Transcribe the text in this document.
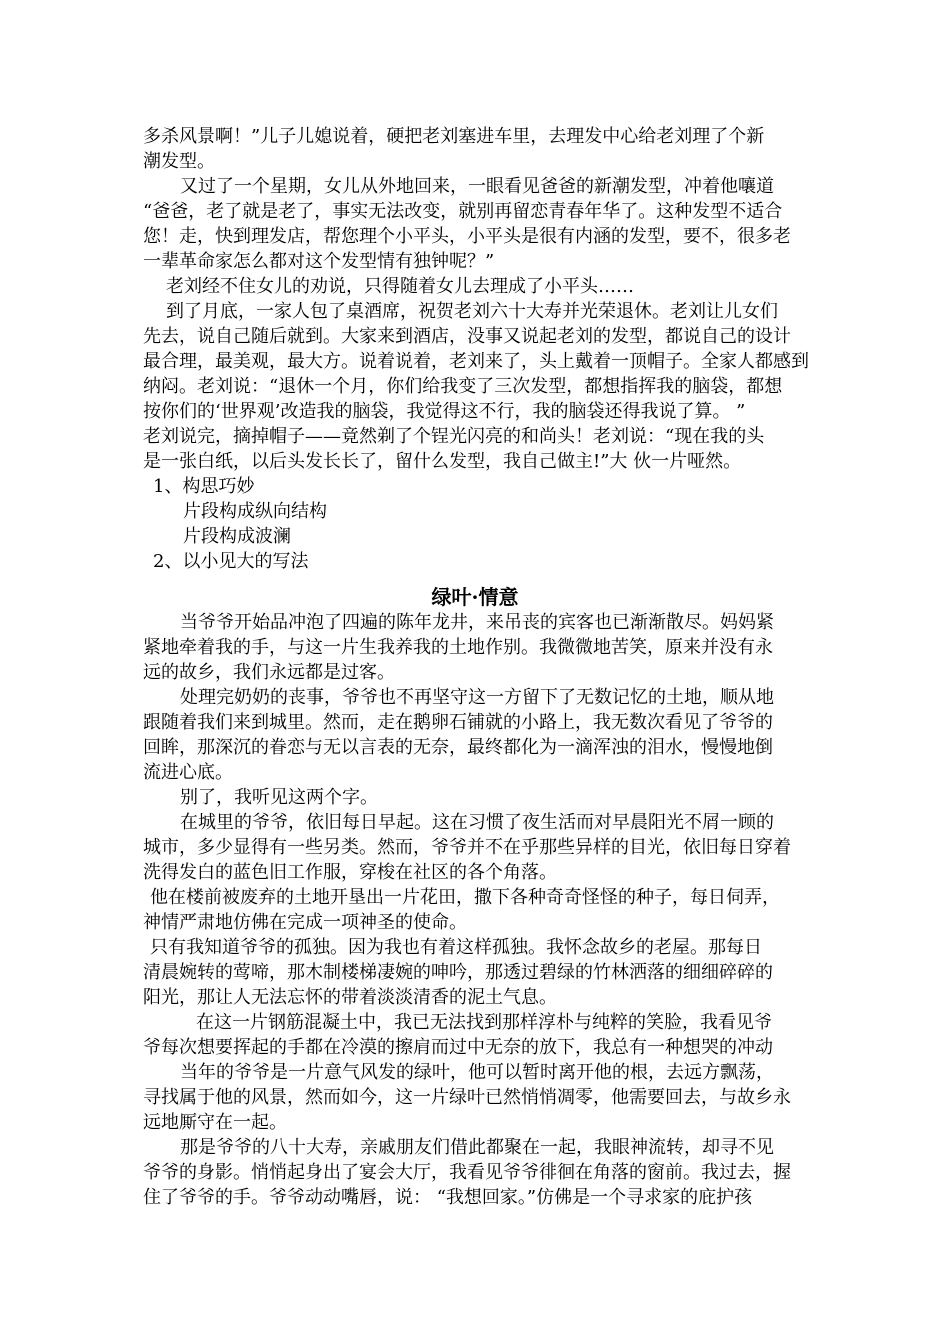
多杀风景啊！”儿子儿媳说着，硬把老刘塞进车里，去理发中心给老刘理了个新

潮发型。

又过了一个星期，女儿从外地回来，一眼看见爸爸的新潮发型，冲着他嚷道

“爸爸，老了就是老了，事实无法改变，就别再留恋青春年华了。这种发型不适合

您！走，快到理发店，帮您理个小平头，小平头是很有内涵的发型，要不，很多老

一辈革命家怎么都对这个发型情有独钟呢？”

老刘经不住女儿的劝说，只得随着女儿去理成了小平头……

到了月底，一家人包了桌酒席，祝贺老刘六十大寿并光荣退休。老刘让儿女们

先去，说自己随后就到。大家来到酒店，没事又说起老刘的发型，都说自己的设计

最合理，最美观，最大方。说着说着，老刘来了，头上戴着一顶帽子。全家人都感到

纳闷。老刘说：“退休一个月，你们给我变了三次发型，都想指挥我的脑袋，都想

按你们的‘世界观’改造我的脑袋，我觉得这不行，我的脑袋还得我说了算。 ”

老刘说完，摘掉帽子——竟然剃了个锃光闪亮的和尚头！老刘说：“现在我的头

是一张白纸，以后头发长长了，留什么发型，我自己做主!”大 伙一片哑然。

1、构思巧妙

片段构成纵向结构

片段构成波澜

2、以小见大的写法

绿叶·情意

当爷爷开始品冲泡了四遍的陈年龙井，来吊丧的宾客也已渐渐散尽。妈妈紧

紧地牵着我的手，与这一片生我养我的土地作别。我微微地苦笑，原来并没有永

远的故乡，我们永远都是过客。

处理完奶奶的丧事，爷爷也不再坚守这一方留下了无数记忆的土地，顺从地

跟随着我们来到城里。然而，走在鹅卵石铺就的小路上，我无数次看见了爷爷的

回眸，那深沉的眷恋与无以言表的无奈，最终都化为一滴浑浊的泪水，慢慢地倒

流进心底。

别了，我听见这两个字。

在城里的爷爷，依旧每日早起。这在习惯了夜生活而对早晨阳光不屑一顾的

城市，多少显得有一些另类。然而，爷爷并不在乎那些异样的目光，依旧每日穿着

洗得发白的蓝色旧工作服，穿梭在社区的各个角落。

他在楼前被废弃的土地开垦出一片花田，撒下各种奇奇怪怪的种子，每日伺弄，

神情严肃地仿佛在完成一项神圣的使命。

只有我知道爷爷的孤独。因为我也有着这样孤独。我怀念故乡的老屋。那每日

清晨婉转的莺啼，那木制楼梯凄婉的呻吟，那透过碧绿的竹林洒落的细细碎碎的

阳光，那让人无法忘怀的带着淡淡清香的泥土气息。

在这一片钢筋混凝土中，我已无法找到那样淳朴与纯粹的笑脸，我看见爷

爷每次想要挥起的手都在冷漠的擦肩而过中无奈的放下，我总有一种想哭的冲动

当年的爷爷是一片意气风发的绿叶，他可以暂时离开他的根，去远方飘荡，

寻找属于他的风景，然而如今，这一片绿叶已然悄悄凋零，他需要回去，与故乡永

远地厮守在一起。

那是爷爷的八十大寿，亲戚朋友们借此都聚在一起，我眼神流转，却寻不见

爷爷的身影。悄悄起身出了宴会大厅，我看见爷爷徘徊在角落的窗前。我过去，握

住了爷爷的手。爷爷动动嘴唇，说： “我想回家。”仿佛是一个寻求家的庇护孩
